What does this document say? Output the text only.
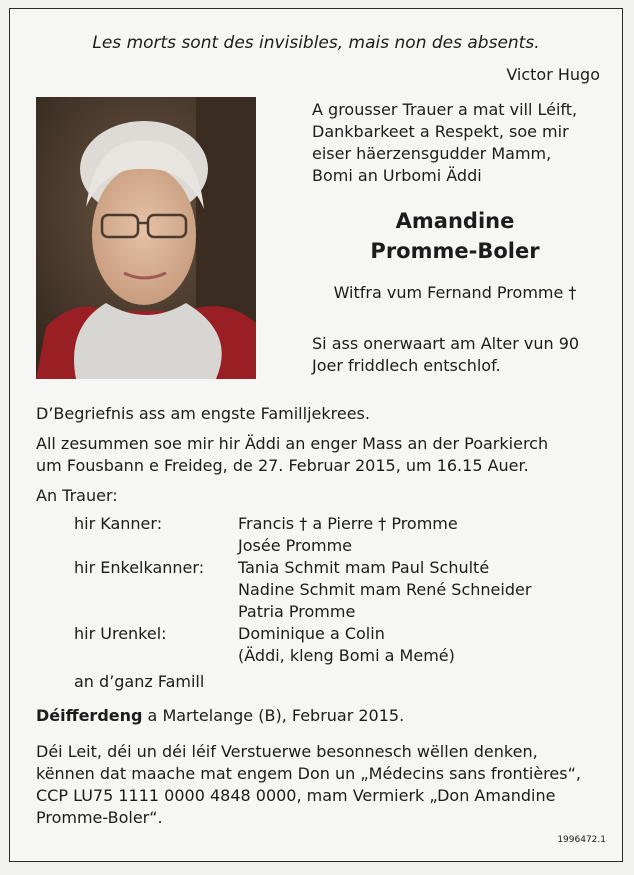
Les morts sont des invisibles, mais non des absents.
Victor Hugo
A grousser Trauer a mat vill Léift,
Dankbarkeet a Respekt, soe mir
eiser häerzensgudder Mamm,
Bomi an Urbomi Äddi
Amandine
Promme-Boler
Witfra vum Fernand Promme †
Si ass onerwaart am Alter vun 90
Joer friddlech entschlof.
D’Begriefnis ass am engste Familljekrees.
All zesummen soe mir hir Äddi an enger Mass an der Poarkierch
um Fousbann e Freideg, de 27. Februar 2015, um 16.15 Auer.
An Trauer:
hir Kanner:	Francis † a Pierre † Promme
Josée Promme
hir Enkelkanner: Tania Schmit mam Paul Schulté
Nadine Schmit mam René Schneider
Patria Promme
hir Urenkel:	Dominique a Colin
(Äddi, kleng Bomi a Memé)
an d’ganz Famill
Déifferdeng a Martelange (B), Februar 2015.
Déi Leit, déi un déi léif Verstuerwe besonnesch wëllen denken,
kënnen dat maache mat engem Don un „Médecins sans frontières“,
CCP LU75 1111 0000 4848 0000, mam Vermierk „Don Amandine
Promme-Boler“.
1996472.1
